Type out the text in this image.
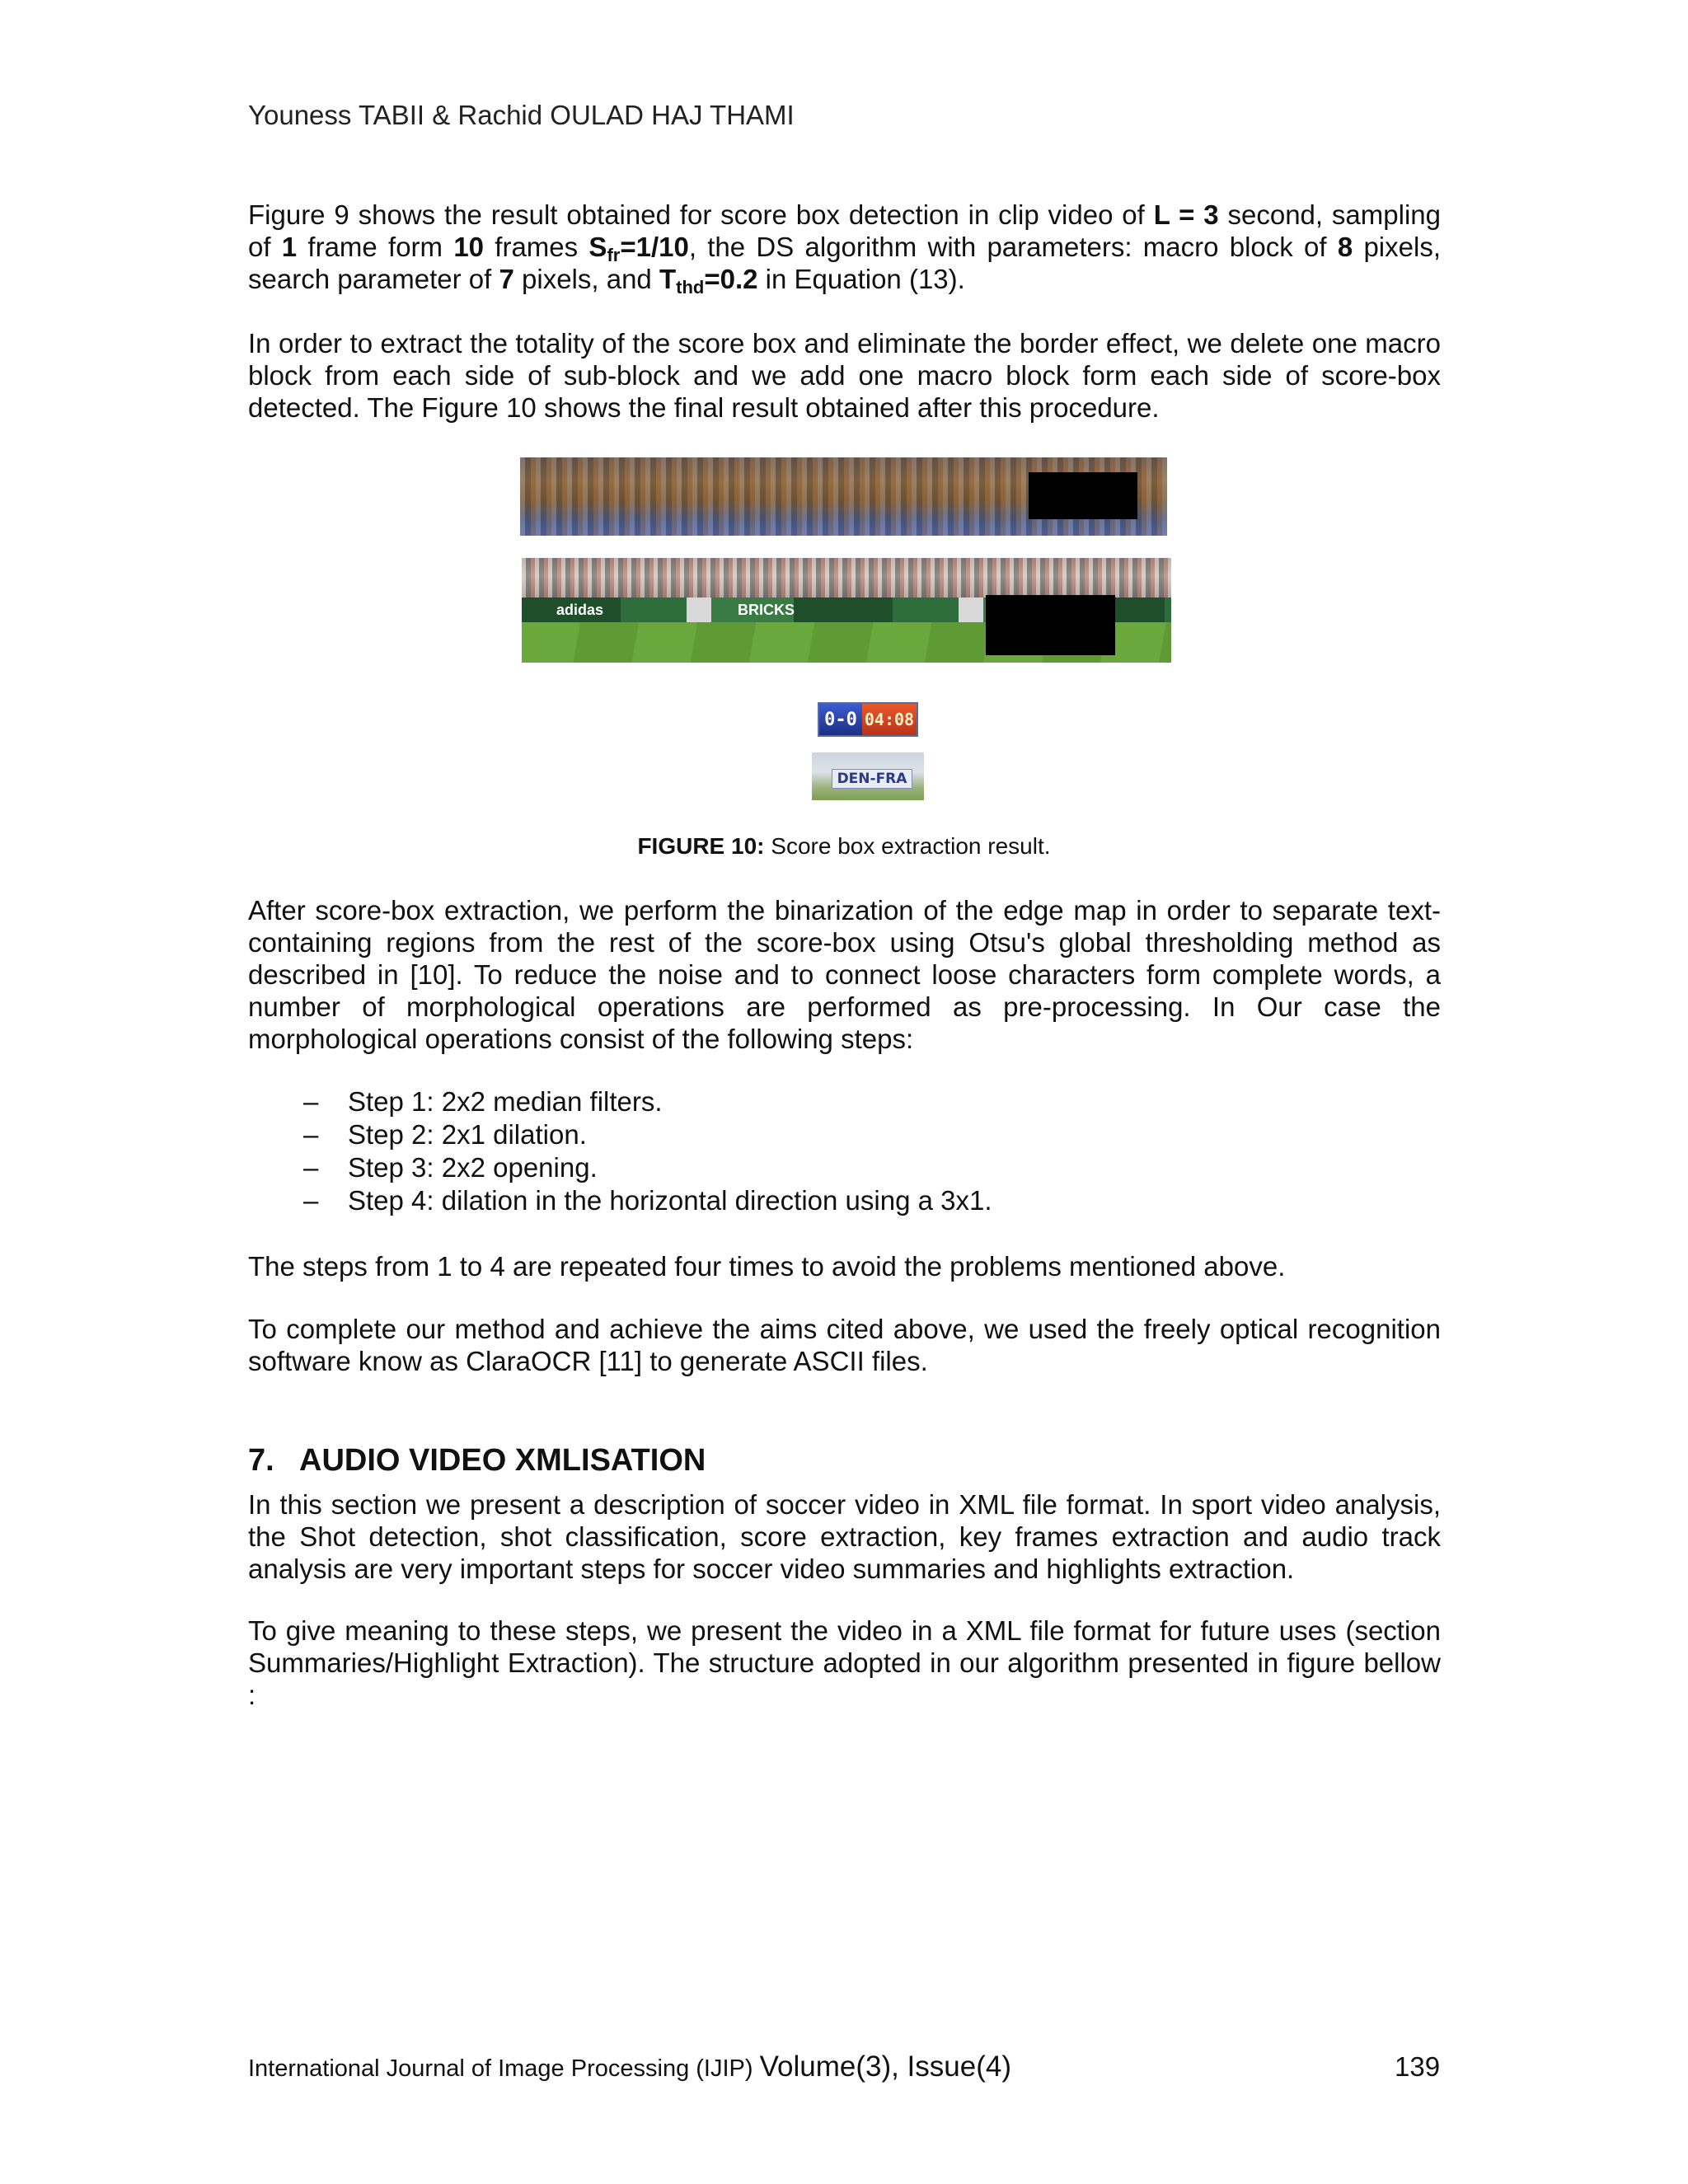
Youness TABII & Rachid OULAD HAJ THAMI
Figure 9 shows the result obtained for score box detection in clip video of L = 3 second, sampling of 1 frame form 10 frames $S_{fr}=1/10$, the DS algorithm with parameters: macro block of 8 pixels, search parameter of 7 pixels, and $T_{thd}=0.2$ in Equation (13).
In order to extract the totality of the score box and eliminate the border effect, we delete one macro block from each side of sub-block and we add one macro block form each side of score-box detected. The Figure 10 shows the final result obtained after this procedure.
adidas	BRICKS
0-0 04:08
DEN-FRA
FIGURE 10: Score box extraction result.
After score-box extraction, we perform the binarization of the edge map in order to separate text-containing regions from the rest of the score-box using Otsu's global thresholding method as described in [10]. To reduce the noise and to connect loose characters form complete words, a number of morphological operations are performed as pre-processing. In Our case the morphological operations consist of the following steps:
–	Step 1: 2x2 median filters.
–	Step 2: 2x1 dilation.
–	Step 3: 2x2 opening.
–	Step 4: dilation in the horizontal direction using a 3x1.
The steps from 1 to 4 are repeated four times to avoid the problems mentioned above.
To complete our method and achieve the aims cited above, we used the freely optical recognition software know as ClaraOCR [11] to generate ASCII files.
7. AUDIO VIDEO XMLISATION
In this section we present a description of soccer video in XML file format. In sport video analysis, the Shot detection, shot classification, score extraction, key frames extraction and audio track analysis are very important steps for soccer video summaries and highlights extraction.
To give meaning to these steps, we present the video in a XML file format for future uses (section Summaries/Highlight Extraction). The structure adopted in our algorithm presented in figure bellow :
International Journal of Image Processing (IJIP) Volume(3), Issue(4)	139
